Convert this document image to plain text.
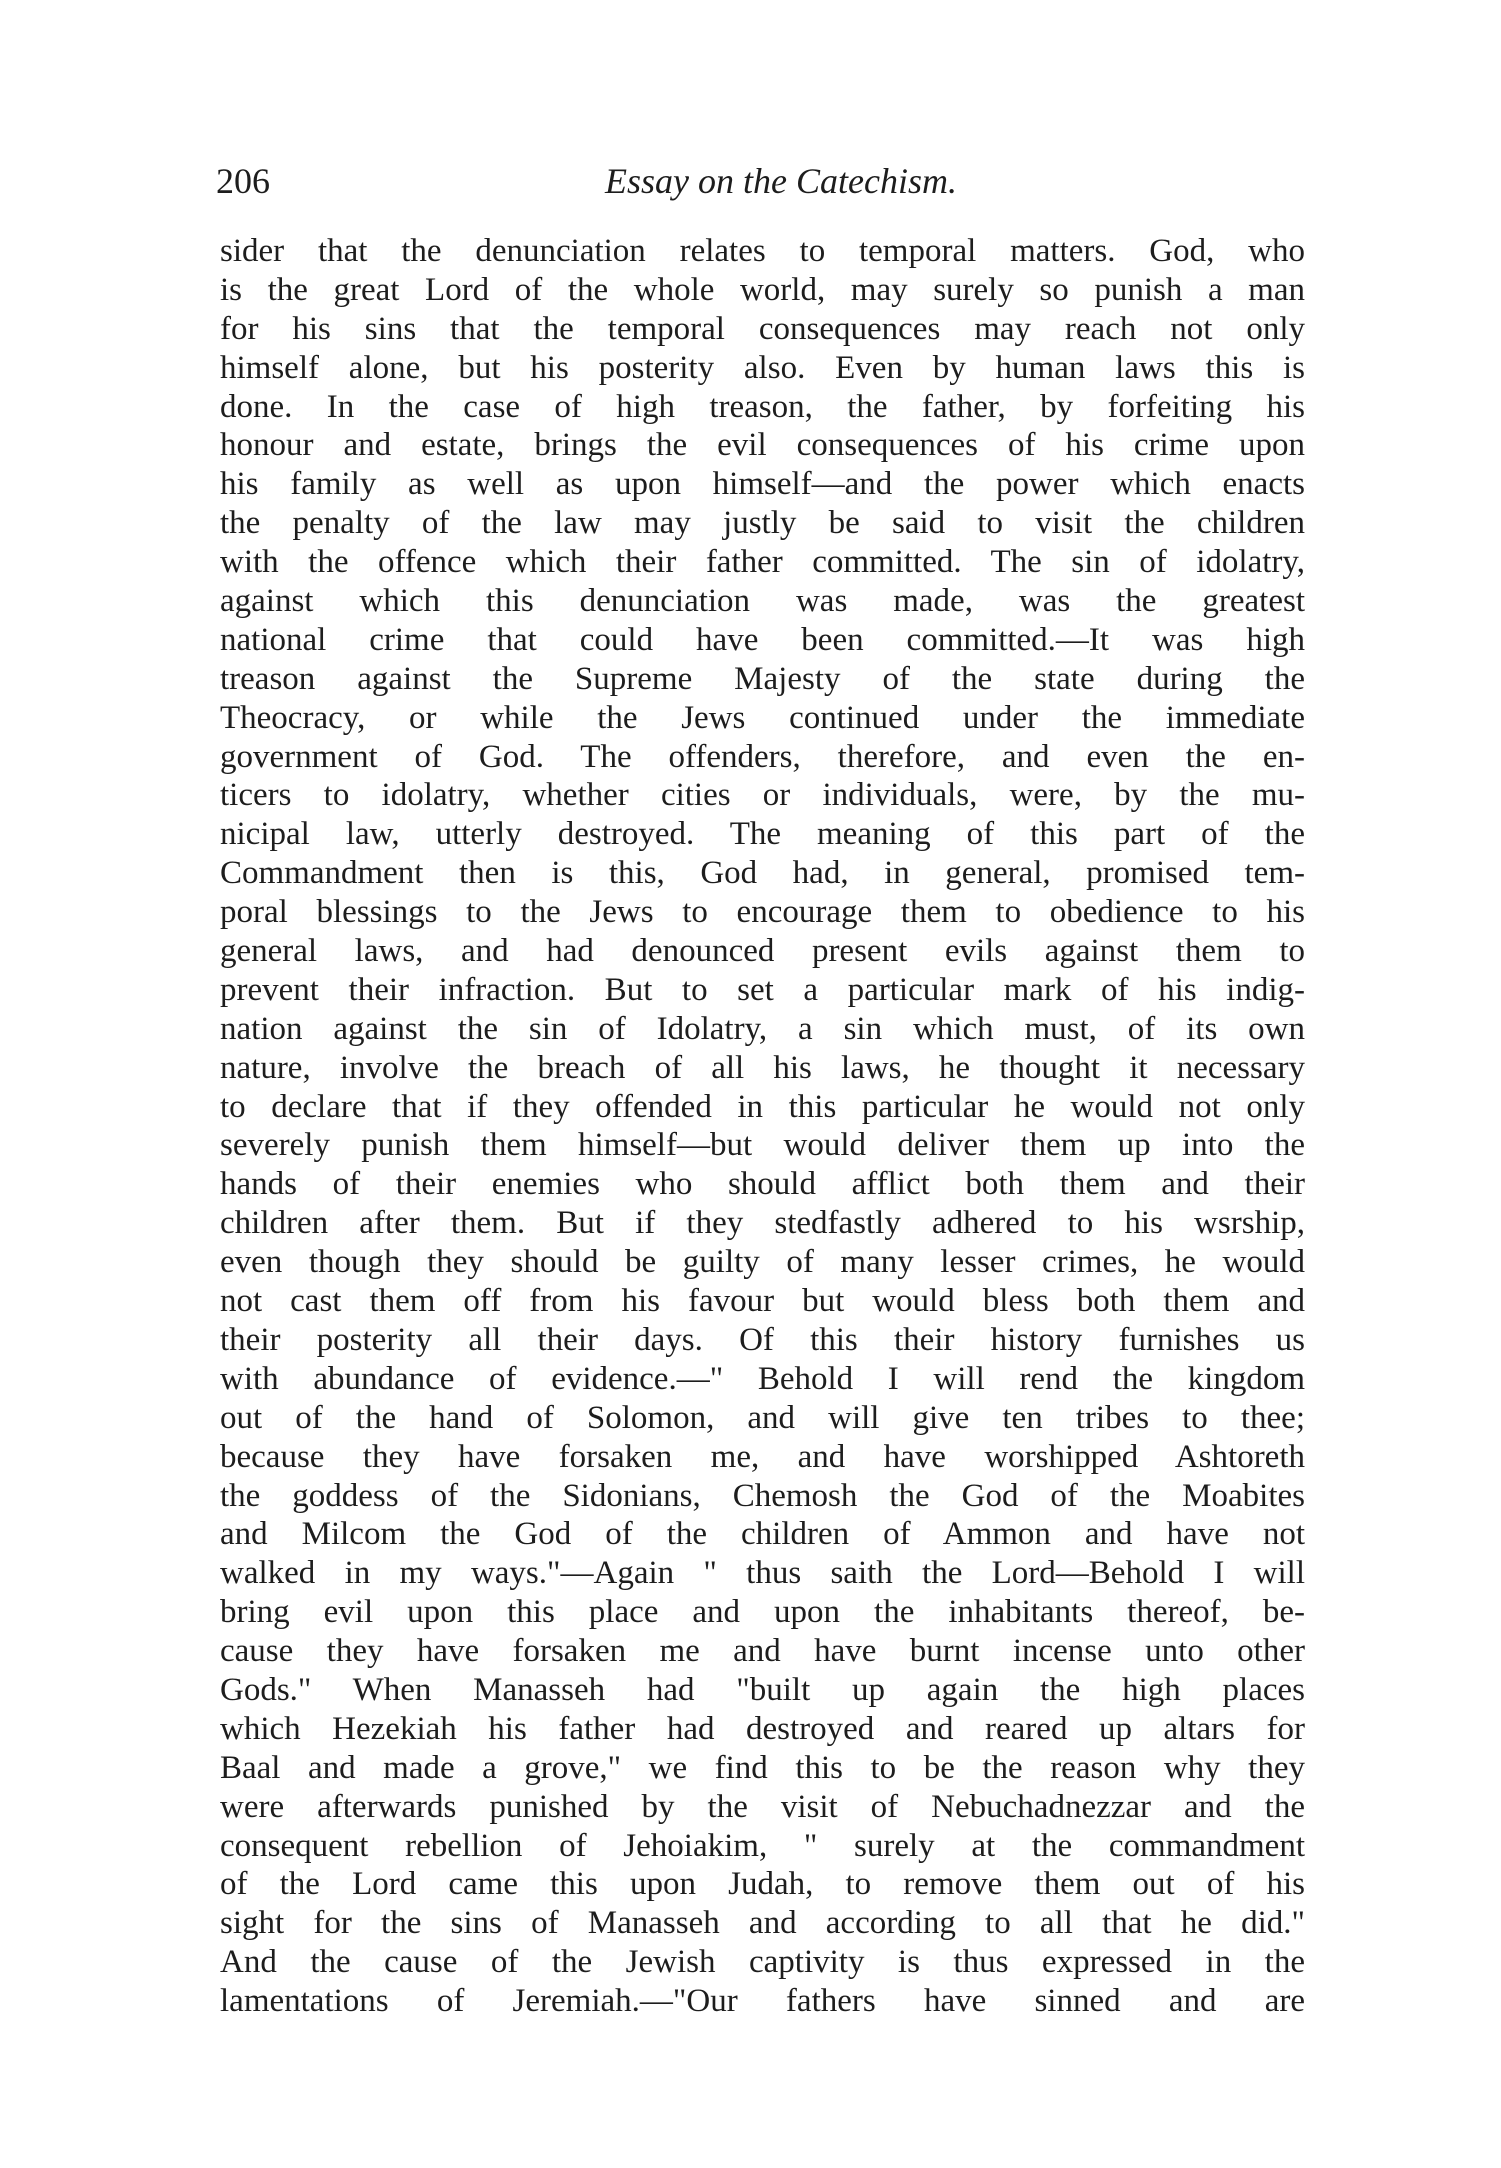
206	Essay on the Catechism.
sider that the denunciation relates to temporal matters. God, who
is the great Lord of the whole world, may surely so punish a man
for his sins that the temporal consequences may reach not only
himself alone, but his posterity also. Even by human laws this is
done. In the case of high treason, the father, by forfeiting his
honour and estate, brings the evil consequences of his crime upon
his family as well as upon himself—and the power which enacts
the penalty of the law may justly be said to visit the children
with the offence which their father committed. The sin of idolatry,
against which this denunciation was made, was the greatest
national crime that could have been committed.—It was high
treason against the Supreme Majesty of the state during the
Theocracy, or while the Jews continued under the immediate
government of God. The offenders, therefore, and even the en-
ticers to idolatry, whether cities or individuals, were, by the mu-
nicipal law, utterly destroyed. The meaning of this part of the
Commandment then is this, God had, in general, promised tem-
poral blessings to the Jews to encourage them to obedience to his
general laws, and had denounced present evils against them to
prevent their infraction. But to set a particular mark of his indig-
nation against the sin of Idolatry, a sin which must, of its own
nature, involve the breach of all his laws, he thought it necessary
to declare that if they offended in this particular he would not only
severely punish them himself—but would deliver them up into the
hands of their enemies who should afflict both them and their
children after them. But if they stedfastly adhered to his wsrship,
even though they should be guilty of many lesser crimes, he would
not cast them off from his favour but would bless both them and
their posterity all their days. Of this their history furnishes us
with abundance of evidence.—" Behold I will rend the kingdom
out of the hand of Solomon, and will give ten tribes to thee;
because they have forsaken me, and have worshipped Ashtoreth
the goddess of the Sidonians, Chemosh the God of the Moabites
and Milcom the God of the children of Ammon and have not
walked in my ways."—Again " thus saith the Lord—Behold I will
bring evil upon this place and upon the inhabitants thereof, be-
cause they have forsaken me and have burnt incense unto other
Gods." When Manasseh had "built up again the high places
which Hezekiah his father had destroyed and reared up altars for
Baal and made a grove," we find this to be the reason why they
were afterwards punished by the visit of Nebuchadnezzar and the
consequent rebellion of Jehoiakim, " surely at the commandment
of the Lord came this upon Judah, to remove them out of his
sight for the sins of Manasseh and according to all that he did."
And the cause of the Jewish captivity is thus expressed in the
lamentations of Jeremiah.—"Our fathers have sinned and are
